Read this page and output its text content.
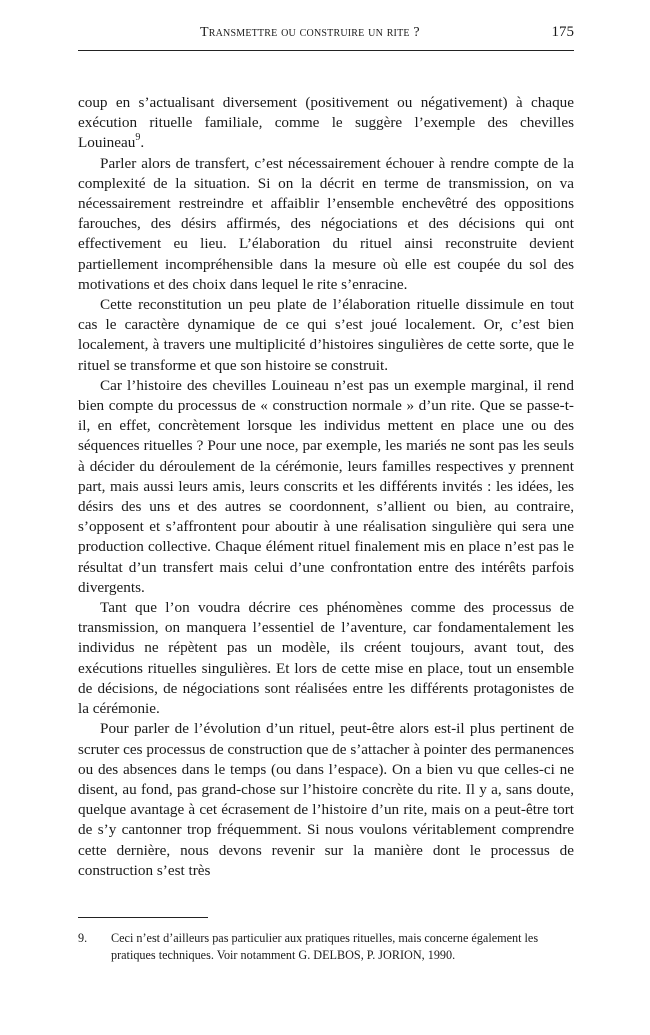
Transmettre ou construire un rite ?	175

coup en s’actualisant diversement (positivement ou négativement) à chaque exécution rituelle familiale, comme le suggère l’exemple des chevilles Louineau$^9$.

Parler alors de transfert, c’est nécessairement échouer à rendre compte de la complexité de la situation. Si on la décrit en terme de transmission, on va nécessairement restreindre et affaiblir l’ensemble enchevêtré des oppositions farouches, des désirs affirmés, des négociations et des décisions qui ont effectivement eu lieu. L’élaboration du rituel ainsi reconstruite devient partiellement incompréhensible dans la mesure où elle est coupée du sol des motivations et des choix dans lequel le rite s’enracine.

Cette reconstitution un peu plate de l’élaboration rituelle dissimule en tout cas le caractère dynamique de ce qui s’est joué localement. Or, c’est bien localement, à travers une multiplicité d’histoires singulières de cette sorte, que le rituel se transforme et que son histoire se construit.

Car l’histoire des chevilles Louineau n’est pas un exemple marginal, il rend bien compte du processus de « construction normale » d’un rite. Que se passe-t-il, en effet, concrètement lorsque les individus mettent en place une ou des séquences rituelles ? Pour une noce, par exemple, les mariés ne sont pas les seuls à décider du déroulement de la cérémonie, leurs familles respectives y prennent part, mais aussi leurs amis, leurs conscrits et les différents invités : les idées, les désirs des uns et des autres se coordonnent, s’allient ou bien, au contraire, s’opposent et s’affrontent pour aboutir à une réalisation singulière qui sera une production collective. Chaque élément rituel finalement mis en place n’est pas le résultat d’un transfert mais celui d’une confrontation entre des intérêts parfois divergents.

Tant que l’on voudra décrire ces phénomènes comme des processus de transmission, on manquera l’essentiel de l’aventure, car fondamentalement les individus ne répètent pas un modèle, ils créent toujours, avant tout, des exécutions rituelles singulières. Et lors de cette mise en place, tout un ensemble de décisions, de négociations sont réalisées entre les différents protagonistes de la cérémonie.

Pour parler de l’évolution d’un rituel, peut-être alors est-il plus pertinent de scruter ces processus de construction que de s’attacher à pointer des permanences ou des absences dans le temps (ou dans l’espace). On a bien vu que celles-ci ne disent, au fond, pas grand-chose sur l’histoire concrète du rite. Il y a, sans doute, quelque avantage à cet écrasement de l’histoire d’un rite, mais on a peut-être tort de s’y cantonner trop fréquemment. Si nous voulons véritablement comprendre cette dernière, nous devons revenir sur la manière dont le processus de construction s’est très

9. Ceci n’est d’ailleurs pas particulier aux pratiques rituelles, mais concerne également les pratiques techniques. Voir notamment G. DELBOS, P. JORION, 1990.
